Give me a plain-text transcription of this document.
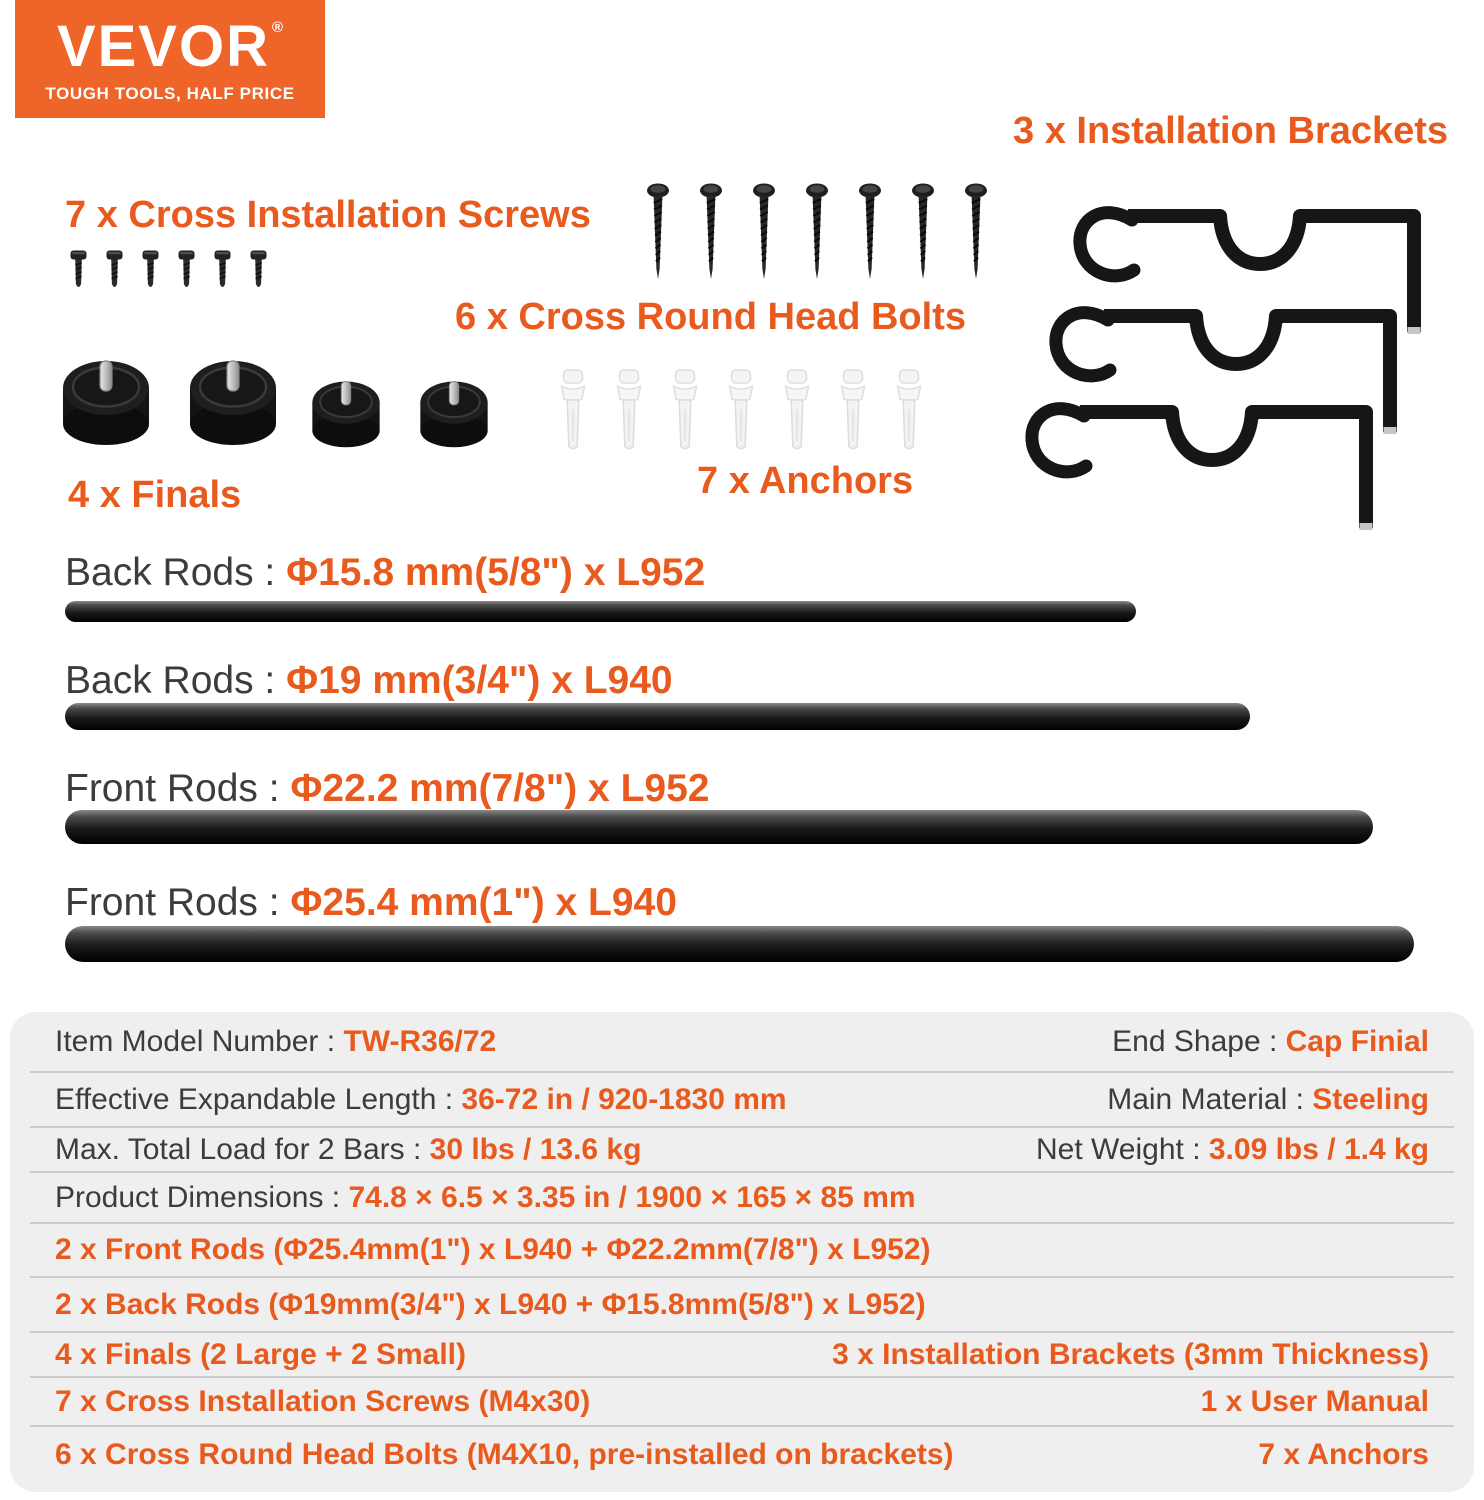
VEVOR ®
TOUGH TOOLS, HALF PRICE
7 x Cross Installation Screws
6 x Cross Round Head Bolts
3 x Installation Brackets
4 x Finals	7 x Anchors
Back Rods : Φ15.8 mm(5/8") x L952
Back Rods : Φ19 mm(3/4") x L940
Front Rods : Φ22.2 mm(7/8") x L952
Front Rods : Φ25.4 mm(1") x L940
Item Model Number : TW-R36/72	End Shape : Cap Finial
Effective Expandable Length : 36-72 in / 920-1830 mm	Main Material : Steeling
Max. Total Load for 2 Bars : 30 lbs / 13.6 kg	Net Weight : 3.09 lbs / 1.4 kg
Product Dimensions : 74.8 × 6.5 × 3.35 in / 1900 × 165 × 85 mm
2 x Front Rods (Φ25.4mm(1") x L940 + Φ22.2mm(7/8") x L952)
2 x Back Rods (Φ19mm(3/4") x L940 + Φ15.8mm(5/8") x L952)
4 x Finals (2 Large + 2 Small)	3 x Installation Brackets (3mm Thickness)
7 x Cross Installation Screws (M4x30)	1 x User Manual
6 x Cross Round Head Bolts (M4X10, pre-installed on brackets)	7 x Anchors
